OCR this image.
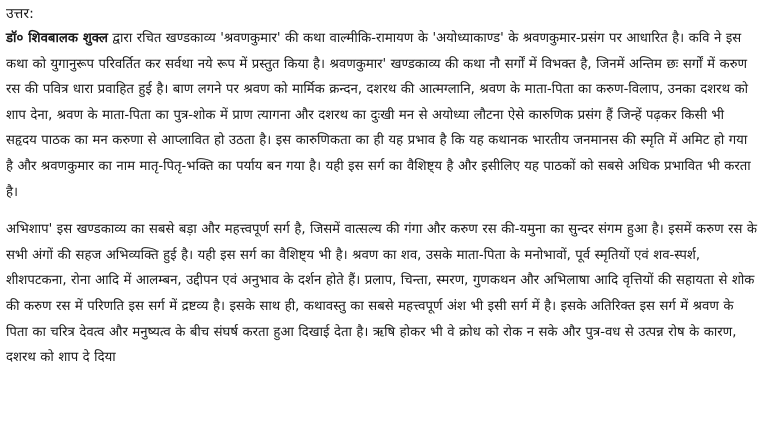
उत्तर:

डॉ० शिवबालक शुक्ल द्वारा रचित खण्डकाव्य 'श्रवणकुमार' की कथा वाल्मीकि-रामायण के 'अयोध्याकाण्ड' के श्रवणकुमार-प्रसंग पर आधारित है। कवि ने इस कथा को युगानुरूप परिवर्तित कर सर्वथा नये रूप में प्रस्तुत किया है। श्रवणकुमार' खण्डकाव्य की कथा नौ सर्गों में विभक्त है, जिनमें अन्तिम छः सर्गों में करुण रस की पवित्र धारा प्रवाहित हुई है। बाण लगने पर श्रवण को मार्मिक क्रन्दन, दशरथ की आत्मग्लानि, श्रवण के माता-पिता का करुण-विलाप, उनका दशरथ को शाप देना, श्रवण के माता-पिता का पुत्र-शोक में प्राण त्यागना और दशरथ का दुःखी मन से अयोध्या लौटना ऐसे कारुणिक प्रसंग हैं जिन्हें पढ़कर किसी भी सहृदय पाठक का मन करुणा से आप्लावित हो उठता है। इस कारुणिकता का ही यह प्रभाव है कि यह कथानक भारतीय जनमानस की स्मृति में अमिट हो गया है और श्रवणकुमार का नाम मातृ-पितृ-भक्ति का पर्याय बन गया है। यही इस सर्ग का वैशिष्ट्य है और इसीलिए यह पाठकों को सबसे अधिक प्रभावित भी करता है।

अभिशाप' इस खण्डकाव्य का सबसे बड़ा और महत्त्वपूर्ण सर्ग है, जिसमें वात्सल्य की गंगा और करुण रस की-यमुना का सुन्दर संगम हुआ है। इसमें करुण रस के सभी अंगों की सहज अभिव्यक्ति हुई है। यही इस सर्ग का वैशिष्ट्य भी है। श्रवण का शव, उसके माता-पिता के मनोभावों, पूर्व स्मृतियों एवं शव-स्पर्श, शीशपटकना, रोना आदि में आलम्बन, उद्दीपन एवं अनुभाव के दर्शन होते हैं। प्रलाप, चिन्ता, स्मरण, गुणकथन और अभिलाषा आदि वृत्तियों की सहायता से शोक की करुण रस में परिणति इस सर्ग में द्रष्टव्य है। इसके साथ ही, कथावस्तु का सबसे महत्त्वपूर्ण अंश भी इसी सर्ग में है। इसके अतिरिक्त इस सर्ग में श्रवण के पिता का चरित्र देवत्व और मनुष्यत्व के बीच संघर्ष करता हुआ दिखाई देता है। ऋषि होकर भी वे क्रोध को रोक न सके और पुत्र-वध से उत्पन्न रोष के कारण, दशरथ को शाप दे दिया
